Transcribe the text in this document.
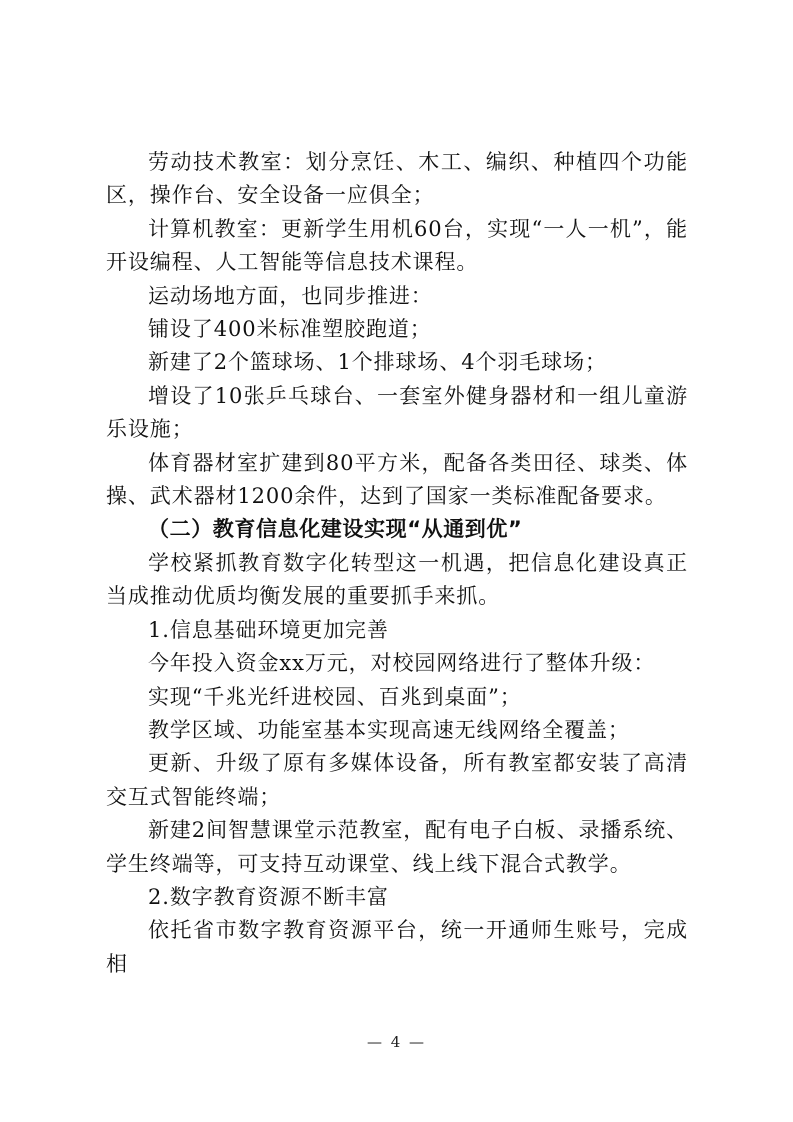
劳动技术教室：划分烹饪、木工、编织、种植四个功能区，操作台、安全设备一应俱全；

计算机教室：更新学生用机60台，实现“一人一机”，能开设编程、人工智能等信息技术课程。

运动场地方面，也同步推进：

铺设了400米标准塑胶跑道；

新建了2个篮球场、1个排球场、4个羽毛球场；

增设了10张乒乓球台、一套室外健身器材和一组儿童游乐设施；

体育器材室扩建到80平方米，配备各类田径、球类、体操、武术器材1200余件，达到了国家一类标准配备要求。

（二）教育信息化建设实现“从通到优”

学校紧抓教育数字化转型这一机遇，把信息化建设真正当成推动优质均衡发展的重要抓手来抓。

1.信息基础环境更加完善

今年投入资金xx万元，对校园网络进行了整体升级：

实现“千兆光纤进校园、百兆到桌面”；

教学区域、功能室基本实现高速无线网络全覆盖；

更新、升级了原有多媒体设备，所有教室都安装了高清交互式智能终端；

新建2间智慧课堂示范教室，配有电子白板、录播系统、学生终端等，可支持互动课堂、线上线下混合式教学。

2.数字教育资源不断丰富

依托省市数字教育资源平台，统一开通师生账号，完成相

— 4 —
